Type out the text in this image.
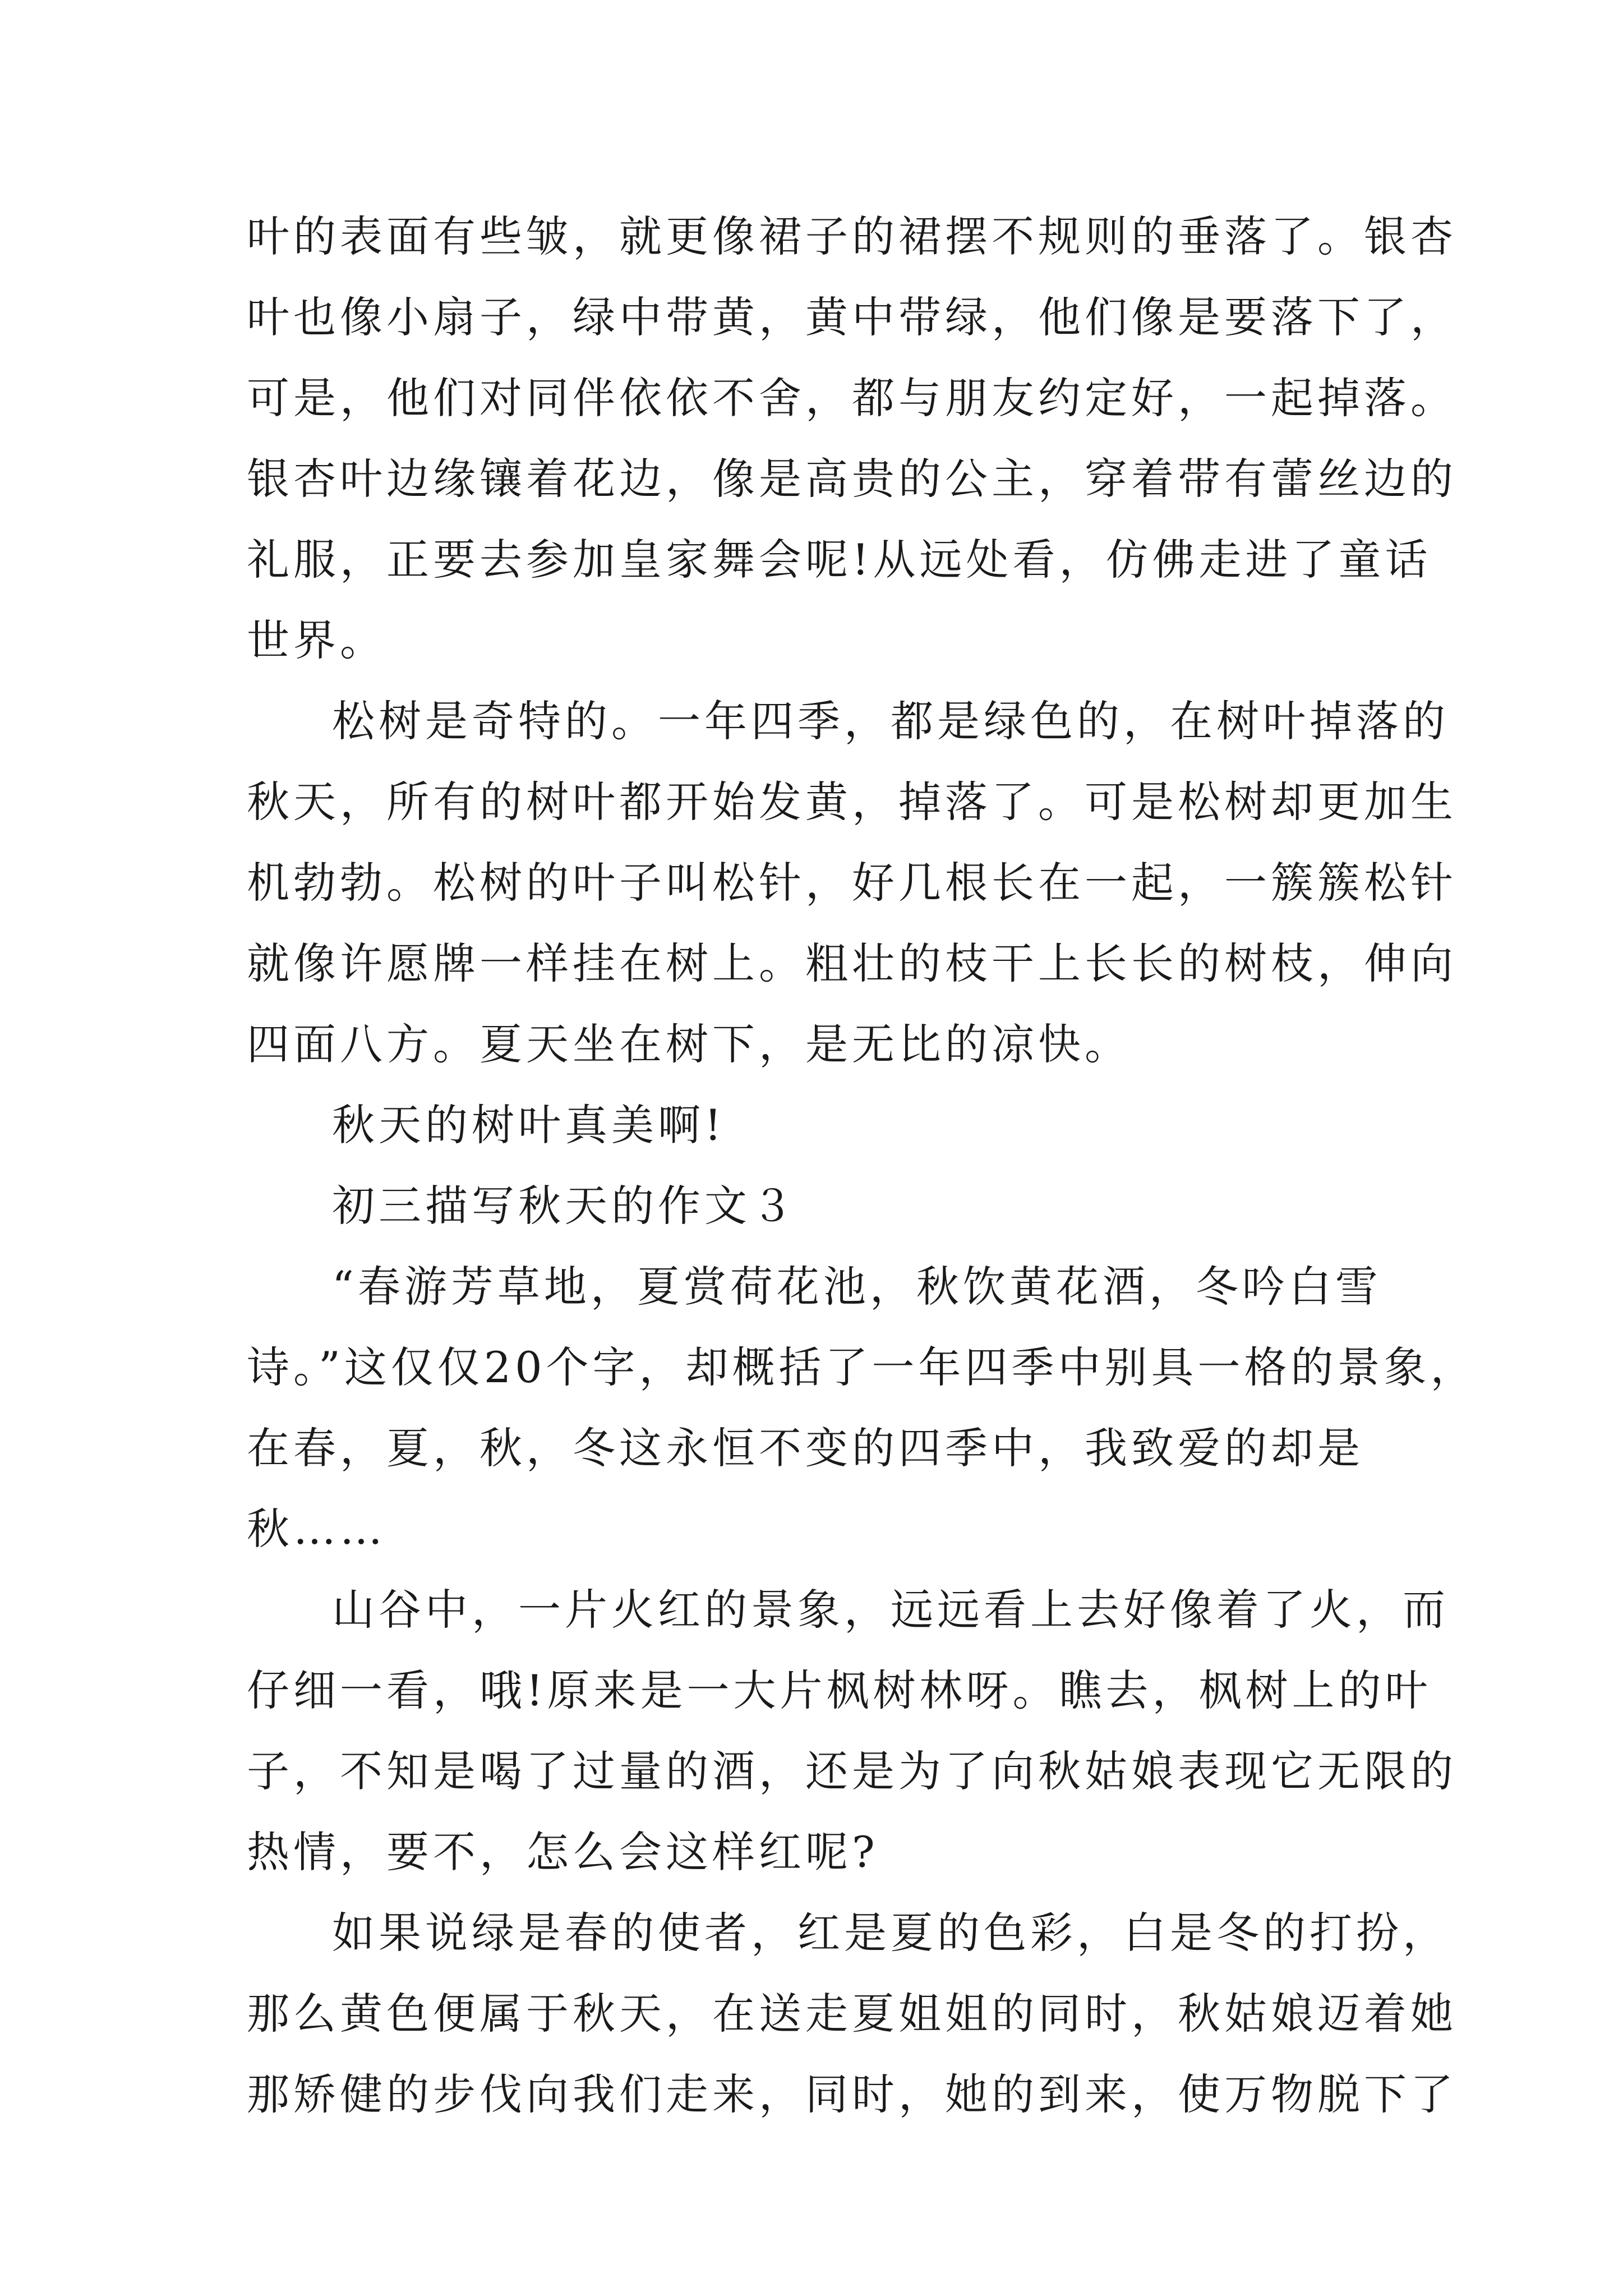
叶的表面有些皱，就更像裙子的裙摆不规则的垂落了。银杏
叶也像小扇子，绿中带黄，黄中带绿，他们像是要落下了，
可是，他们对同伴依依不舍，都与朋友约定好，一起掉落。
银杏叶边缘镶着花边，像是高贵的公主，穿着带有蕾丝边的
礼服，正要去参加皇家舞会呢!从远处看，仿佛走进了童话
世界。
松树是奇特的。一年四季，都是绿色的，在树叶掉落的
秋天，所有的树叶都开始发黄，掉落了。可是松树却更加生
机勃勃。松树的叶子叫松针，好几根长在一起，一簇簇松针
就像许愿牌一样挂在树上。粗壮的枝干上长长的树枝，伸向
四面八方。夏天坐在树下，是无比的凉快。
秋天的树叶真美啊!
初三描写秋天的作文３
“春游芳草地，夏赏荷花池，秋饮黄花酒，冬吟白雪
诗。”这仅仅20个字，却概括了一年四季中别具一格的景象，
在春，夏，秋，冬这永恒不变的四季中，我致爱的却是
秋……
山谷中，一片火红的景象，远远看上去好像着了火，而
仔细一看，哦!原来是一大片枫树林呀。瞧去，枫树上的叶
子，不知是喝了过量的酒，还是为了向秋姑娘表现它无限的
热情，要不，怎么会这样红呢?
如果说绿是春的使者，红是夏的色彩，白是冬的打扮，
那么黄色便属于秋天，在送走夏姐姐的同时，秋姑娘迈着她
那矫健的步伐向我们走来，同时，她的到来，使万物脱下了
